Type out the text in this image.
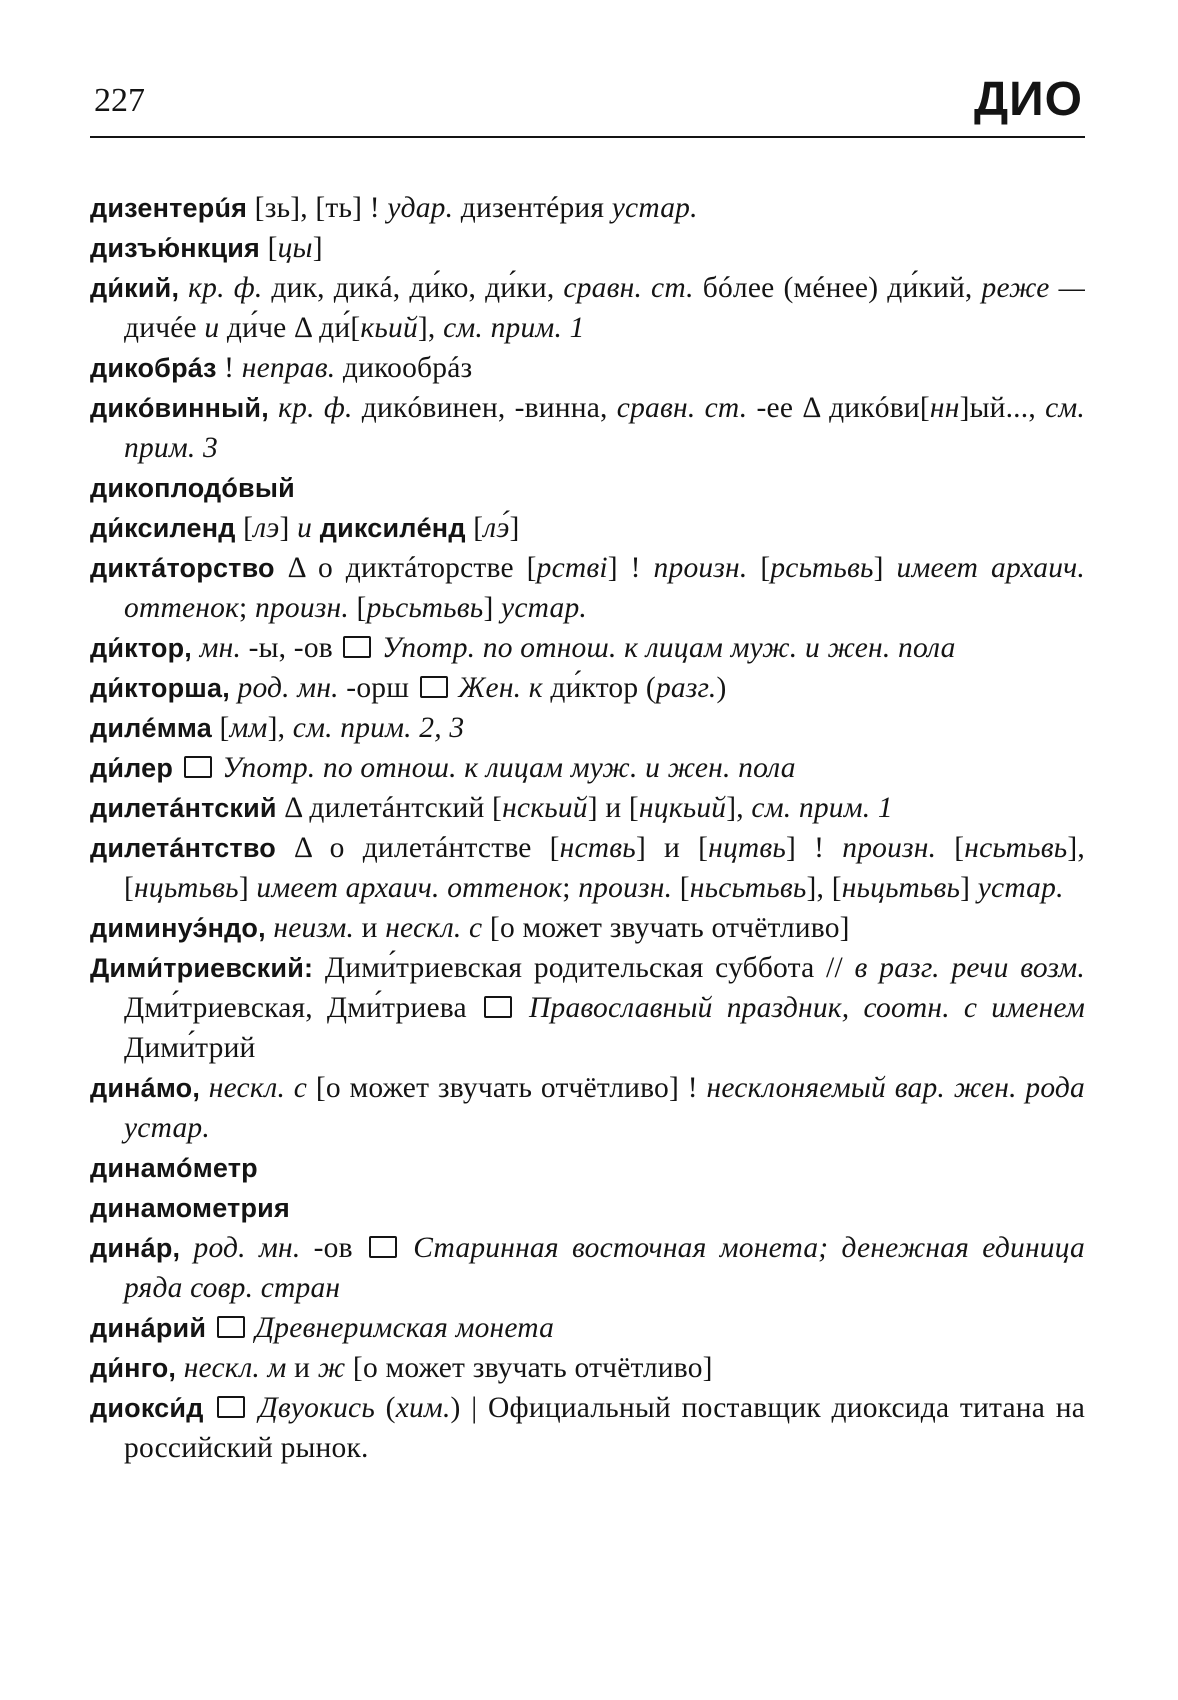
227	ДИО
дизентерúя [зь], [ть] ! удар. дизентéрия устар.
дизъю́нкция [цы]
ди́кий, кр. ф. дик, дикá, ди́ко, ди́ки, сравн. ст. бóлее (мéнее) ди́кий, реже — дичéе и ди́че Δ ди́[кьий], см. прим. 1
дикобрáз ! неправ. дикообрáз
дикóвинный, кр. ф. дикóвинен, -винна, сравн. ст. -ее Δ дикóви[нн]ый..., см. прим. 3
дикоплодóвый
ди́ксиленд [лэ] и диксилéнд [лэ́]
диктáторство Δ о диктáторстве [рстві] ! произн. [рсьтьвь] имеет архаич. оттенок; произн. [рьсьтьвь] устар.
ди́ктор, мн. -ы, -ов  Употр. по отнош. к лицам муж. и жен. пола
ди́кторша, род. мн. -орш  Жен. к ди́ктор (разг.)
дилéмма [мм], см. прим. 2, 3
ди́лер  Употр. по отнош. к лицам муж. и жен. пола
дилетáнтский Δ дилетáнтский [нскьий] и [нцкьий], см. прим. 1
дилетáнтство Δ о дилетáнтстве [нствь] и [нцтвь] ! произн. [нсьтьвь], [нцьтьвь] имеет архаич. оттенок; произн. [ньсьтьвь], [ньцьтьвь] устар.
диминуэ́ндо, неизм. и нескл. с [о может звучать отчётливо]
Дими́триевский: Дими́триевская родительская суббота // в разг. речи возм. Дми́триевская, Дми́триева  Православный праздник, соотн. с именем Дими́трий
динáмо, нескл. с [о может звучать отчётливо] ! несклоняемый вар. жен. рода устар.
динамóметр
динамометрия
динáр, род. мн. -ов  Старинная восточная монета; денежная единица ряда совр. стран
динáрий  Древнеримская монета
ди́нго, нескл. м и ж [о может звучать отчётливо]
диокси́д  Двуокись (хим.) | Официальный поставщик диоксида титана на российский рынок.
